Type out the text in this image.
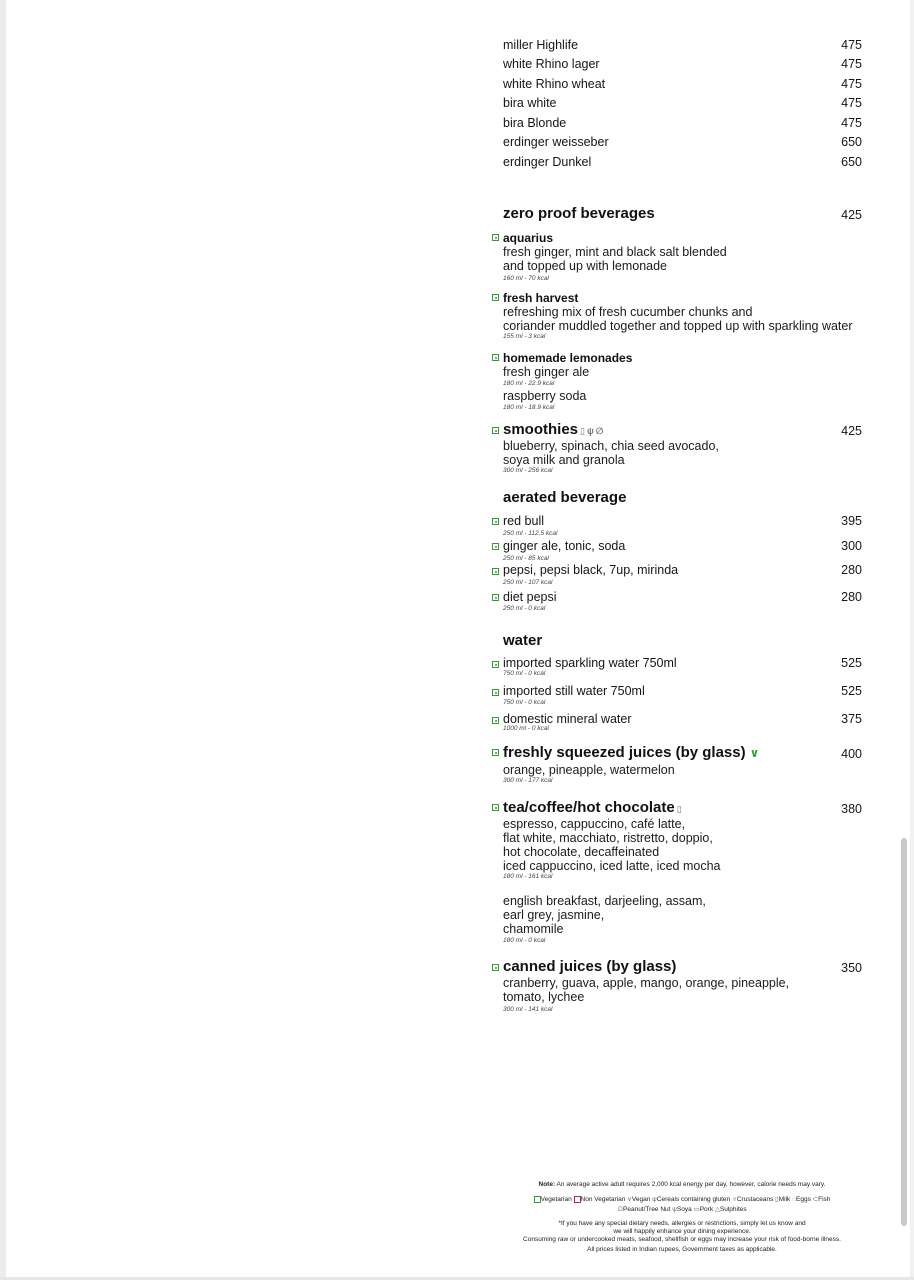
miller Highlife	475
white Rhino lager	475
white Rhino wheat	475
bira white	475
bira Blonde	475
erdinger weisseber	650
erdinger Dunkel	650
zero proof beverages	425
aquarius
fresh ginger, mint and black salt blended
and topped up with lemonade
160 ml - 70 kcal
fresh harvest
refreshing mix of fresh cucumber chunks and
coriander muddled together and topped up with sparkling water
155 ml - 3 kcal
homemade lemonades
fresh ginger ale
180 ml - 22.9 kcal
raspberry soda
180 ml - 18.9 kcal
smoothies ▯ ψ ∅	425
blueberry, spinach, chia seed avocado,
soya milk and granola
300 ml - 256 kcal
aerated beverage
red bull	395
250 ml - 112.5 kcal
ginger ale, tonic, soda	300
250 ml - 85 kcal
pepsi, pepsi black, 7up, mirinda	280
250 ml - 107 kcal
diet pepsi	280
250 ml - 0 kcal
water
imported sparkling water 750ml	525
750 ml - 0 kcal
imported still water 750ml	525
750 ml - 0 kcal
domestic mineral water	375
1000 ml - 0 kcal
freshly squeezed juices (by glass) ∨	400
orange, pineapple, watermelon
300 ml - 177 kcal
tea/coffee/hot chocolate ▯	380
espresso, cappuccino, café latte,
flat white, macchiato, ristretto, doppio,
hot chocolate, decaffeinated
iced cappuccino, iced latte, iced mocha
180 ml - 161 kcal
english breakfast, darjeeling, assam,
earl grey, jasmine,
chamomile
180 ml - 0 kcal
canned juices (by glass)	350
cranberry, guava, apple, mango, orange, pineapple,
tomato, lychee
300 ml - 141 kcal
Note: An average active adult requires 2,000 kcal energy per day, however, calorie needs may vary.
Vegetarian Non Vegetarian ∨Vegan ψCereals containing gluten ♅Crustaceans ▯Milk ◌Eggs ⊂Fish
∅Peanut/Tree Nut ψSoya ▭Pork △Sulphites
*If you have any special dietary needs, allergies or restrictions, simply let us know and
we will happily enhance your dining experience.
Consuming raw or undercooked meats, seafood, shellfish or eggs may increase your risk of food-borne illness.
All prices listed in Indian rupees, Government taxes as applicable.
